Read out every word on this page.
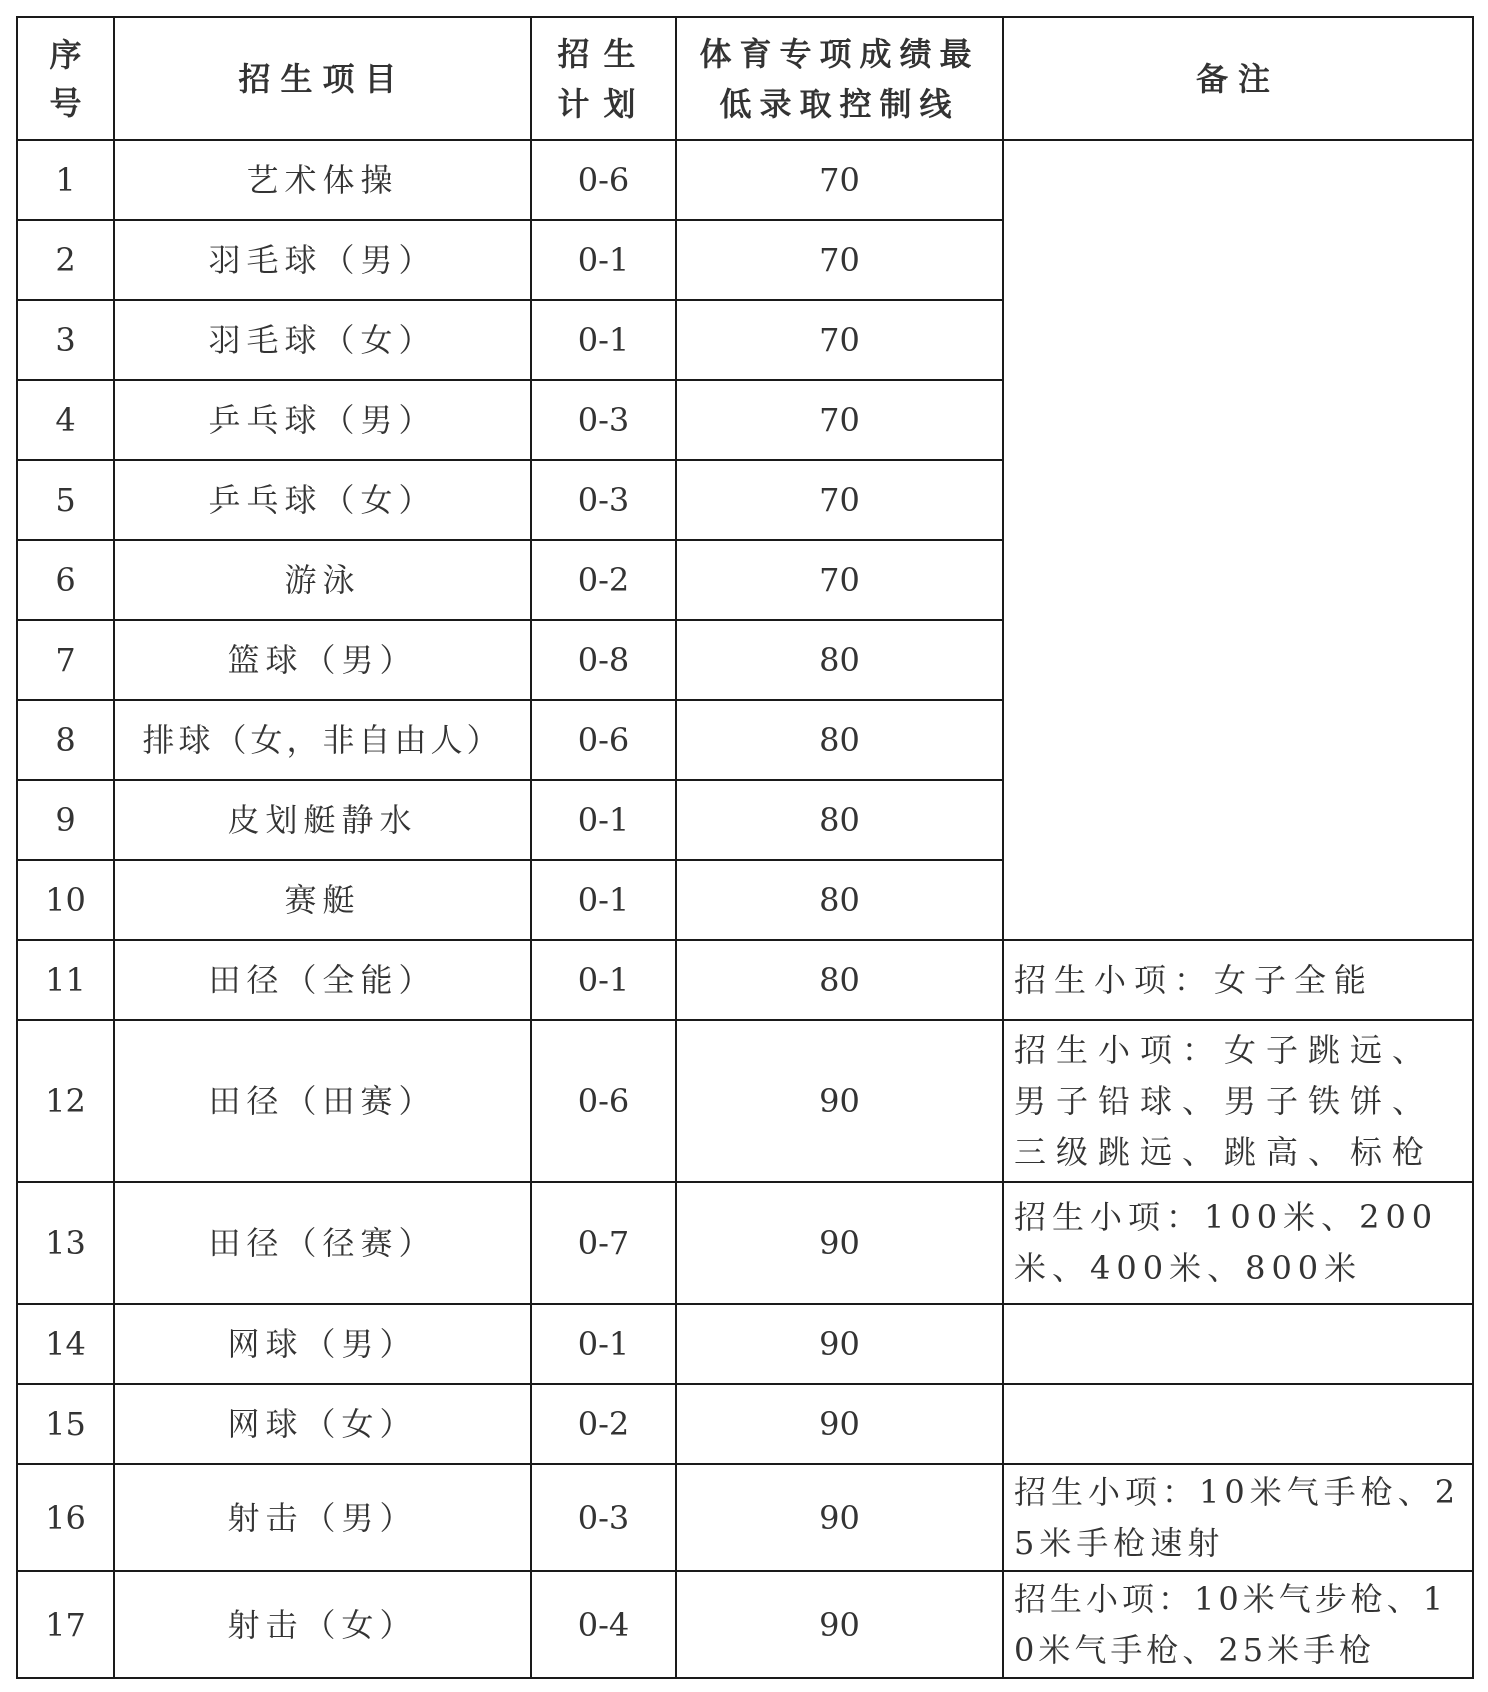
序号	招生项目	招生计划	体育专项成绩最低录取控制线	备注
1	艺术体操	0-6	70	
2	羽毛球（男）	0-1	70	
3	羽毛球（女）	0-1	70	
4	乒乓球（男）	0-3	70	
5	乒乓球（女）	0-3	70	
6	游泳	0-2	70	
7	篮球（男）	0-8	80	
8	排球（女，非自由人）	0-6	80	
9	皮划艇静水	0-1	80	
10	赛艇	0-1	80	
11	田径（全能）	0-1	80	招生小项：女子全能
12	田径（田赛）	0-6	90	招生小项：女子跳远、男子铅球、男子铁饼、三级跳远、跳高、标枪
13	田径（径赛）	0-7	90	招生小项：100米、200米、400米、800米
14	网球（男）	0-1	90	
15	网球（女）	0-2	90	
16	射击（男）	0-3	90	招生小项：10米气手枪、25米手枪速射
17	射击（女）	0-4	90	招生小项：10米气步枪、10米气手枪、25米手枪
